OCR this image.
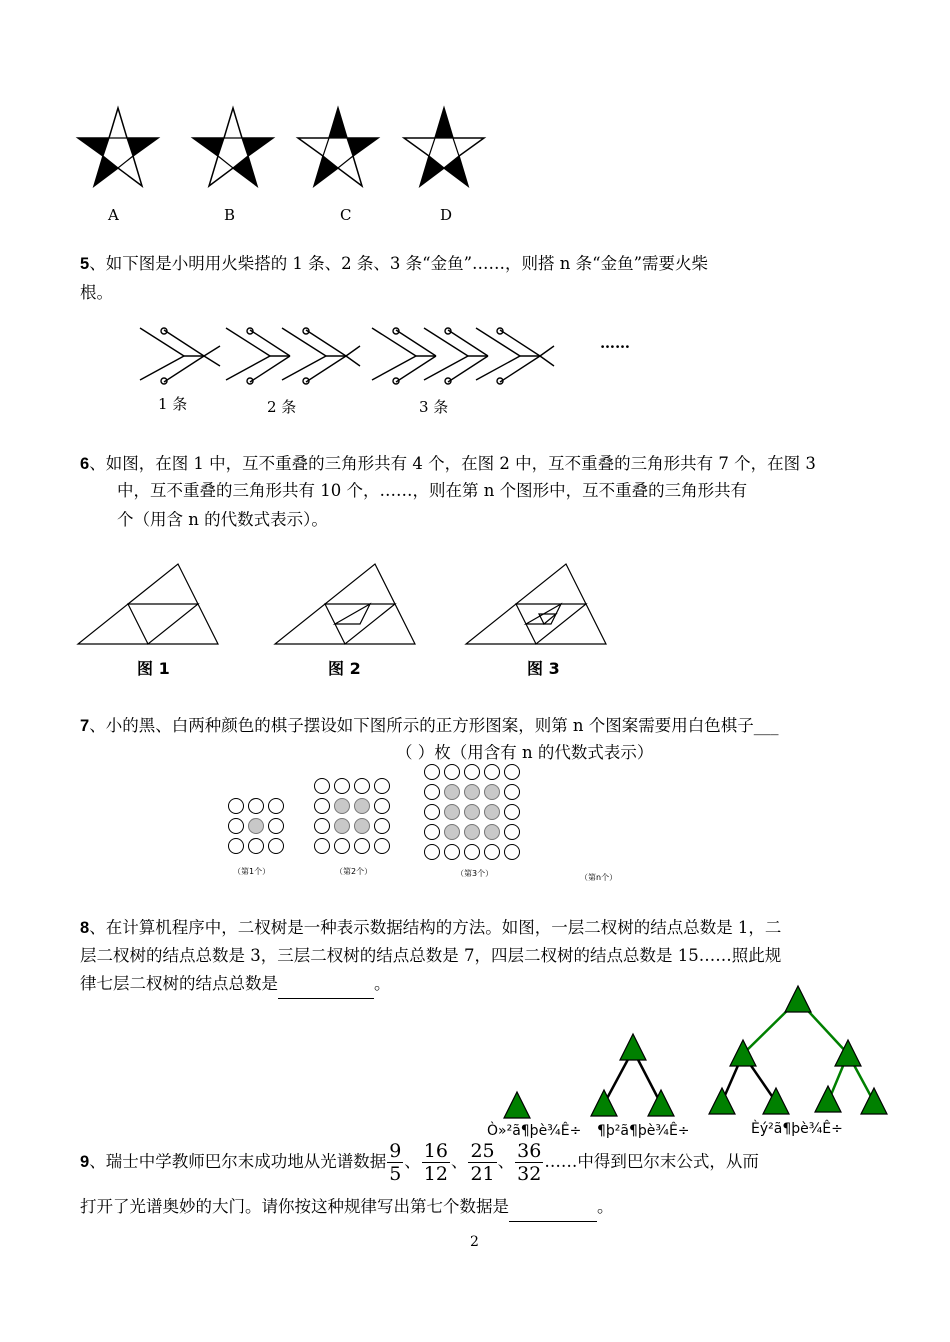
A	B	C	D
5、如下图是小明用火柴搭的 1 条、2 条、3 条“金鱼”……，则搭 n 条“金鱼”需要火柴
根。
1 条	2 条	3 条
……
6、如图，在图 1 中，互不重叠的三角形共有 4 个，在图 2 中，互不重叠的三角形共有 7 个，在图 3
中，互不重叠的三角形共有 10 个，……，则在第 n 个图形中，互不重叠的三角形共有
个（用含 n 的代数式表示）。
图 1	图 2	图 3
7、小的黑、白两种颜色的棋子摆设如下图所示的正方形图案，则第 n 个图案需要用白色棋子___
（ ）枚（用含有 n 的代数式表示）
（第1个）	（第2个）	（第3个）	（第n个）
8、在计算机程序中，二杈树是一种表示数据结构的方法。如图，一层二杈树的结点总数是 1，二
层二杈树的结点总数是 3，三层二杈树的结点总数是 7，四层二杈树的结点总数是 15……照此规
律七层二杈树的结点总数是	。
Ò»²ã¶þè¾Ê÷ ¶þ²ã¶þè¾Ê÷	Èý²ã¶þè¾Ê÷
9、瑞士中学教师巴尔末成功地从光谱数据 $\frac{9}{5}$ 、 $\frac{16}{12}$ 、 $\frac{25}{21}$ 、 $\frac{36}{32}$ ……中得到巴尔末公式，从而
打开了光谱奥妙的大门。请你按这种规律写出第七个数据是	。
2
